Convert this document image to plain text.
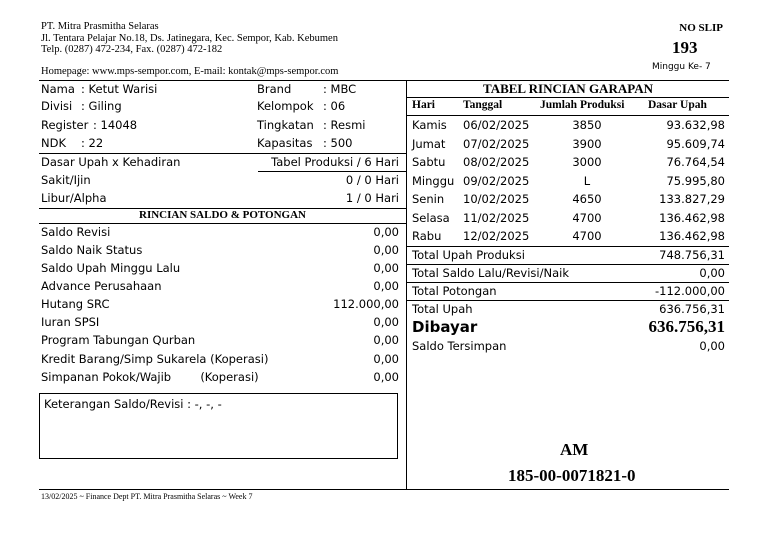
PT. Mitra Prasmitha Selaras
Jl. Tentara Pelajar No.18, Ds. Jatinegara, Kec. Sempor, Kab. Kebumen
Telp. (0287) 472-234, Fax. (0287) 472-182
Homepage: www.mps-sempor.com, E-mail: kontak@mps-sempor.com
NO SLIP
193
Minggu Ke- 7
Nama : Ketut Warisi	Brand	: MBC
Divisi : Giling	Kelompok : 06
Register : 14048	Tingkatan : Resmi
NDK : 22	Kapasitas : 500
Dasar Upah x Kehadiran	Tabel Produksi / 6 Hari
Sakit/Ijin	0 / 0 Hari
Libur/Alpha	1 / 0 Hari
RINCIAN SALDO & POTONGAN
Saldo Revisi	0,00
Saldo Naik Status	0,00
Saldo Upah Minggu Lalu	0,00
Advance Perusahaan	0,00
Hutang SRC	112.000,00
Iuran SPSI	0,00
Program Tabungan Qurban	0,00
Kredit Barang/Simp Sukarela (Koperasi)	0,00
Simpanan Pokok/Wajib        (Koperasi)	0,00
Keterangan Saldo/Revisi : -, -, -
TABEL RINCIAN GARAPAN
Hari Tanggal	Jumlah Produksi Dasar Upah
Kamis 06/02/2025	3850	93.632,98
Jumat 07/02/2025	3900	95.609,74
Sabtu 08/02/2025	3000	76.764,54
Minggu 09/02/2025	L	75.995,80
Senin 10/02/2025	4650	133.827,29
Selasa 11/02/2025	4700	136.462,98
Rabu 12/02/2025	4700	136.462,98
Total Upah Produksi	748.756,31
Total Saldo Lalu/Revisi/Naik	0,00
Total Potongan	-112.000,00
Total Upah	636.756,31
Dibayar	636.756,31
Saldo Tersimpan	0,00
AM
185-00-0071821-0
13/02/2025 ~ Finance Dept PT. Mitra Prasmitha Selaras ~ Week 7
